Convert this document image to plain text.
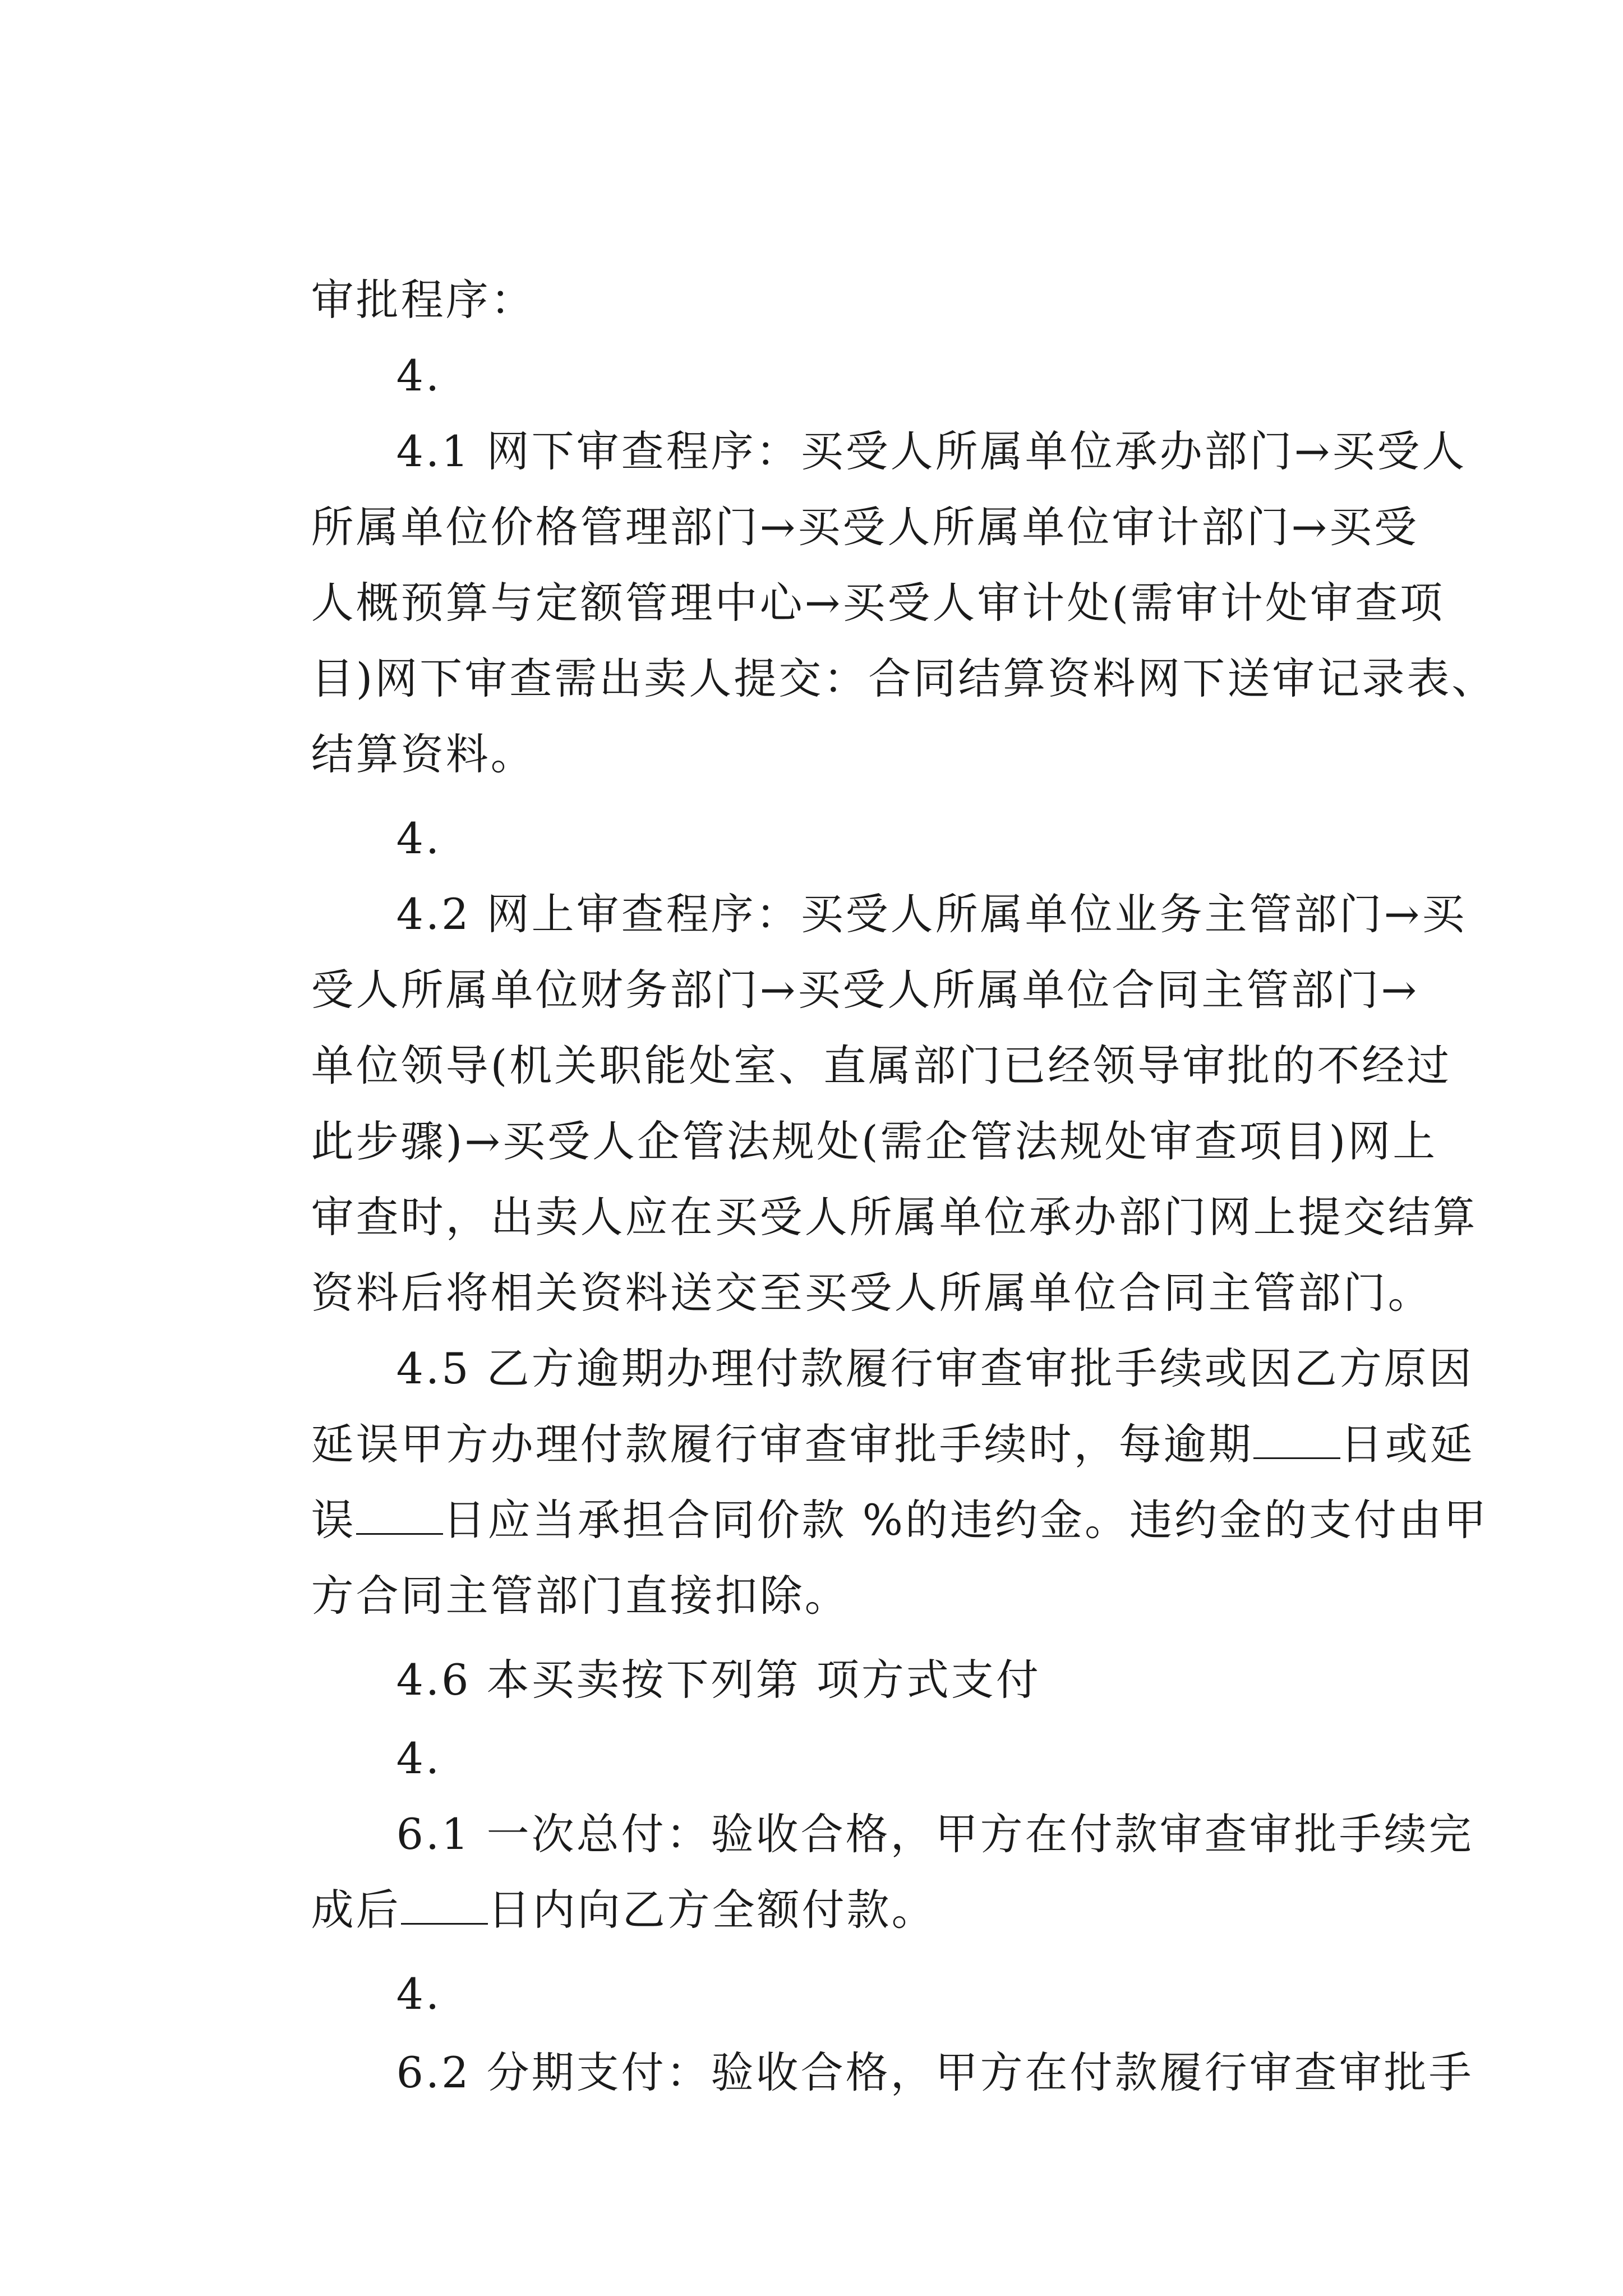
审批程序：

4.

4.1 网下审查程序：买受人所属单位承办部门→买受人

所属单位价格管理部门→买受人所属单位审计部门→买受

人概预算与定额管理中心→买受人审计处(需审计处审查项

目)网下审查需出卖人提交：合同结算资料网下送审记录表、

结算资料。

4.

4.2 网上审查程序：买受人所属单位业务主管部门→买

受人所属单位财务部门→买受人所属单位合同主管部门→

单位领导(机关职能处室、直属部门已经领导审批的不经过

此步骤)→买受人企管法规处(需企管法规处审查项目)网上

审查时，出卖人应在买受人所属单位承办部门网上提交结算

资料后将相关资料送交至买受人所属单位合同主管部门。

4.5 乙方逾期办理付款履行审查审批手续或因乙方原因

延误甲方办理付款履行审查审批手续时，每逾期 日或延

误 日应当承担合同价款 %的违约金。违约金的支付由甲

方合同主管部门直接扣除。

4.6 本买卖按下列第 项方式支付

4.

6.1 一次总付：验收合格，甲方在付款审查审批手续完

成后 日内向乙方全额付款。

4.

6.2 分期支付：验收合格，甲方在付款履行审查审批手
